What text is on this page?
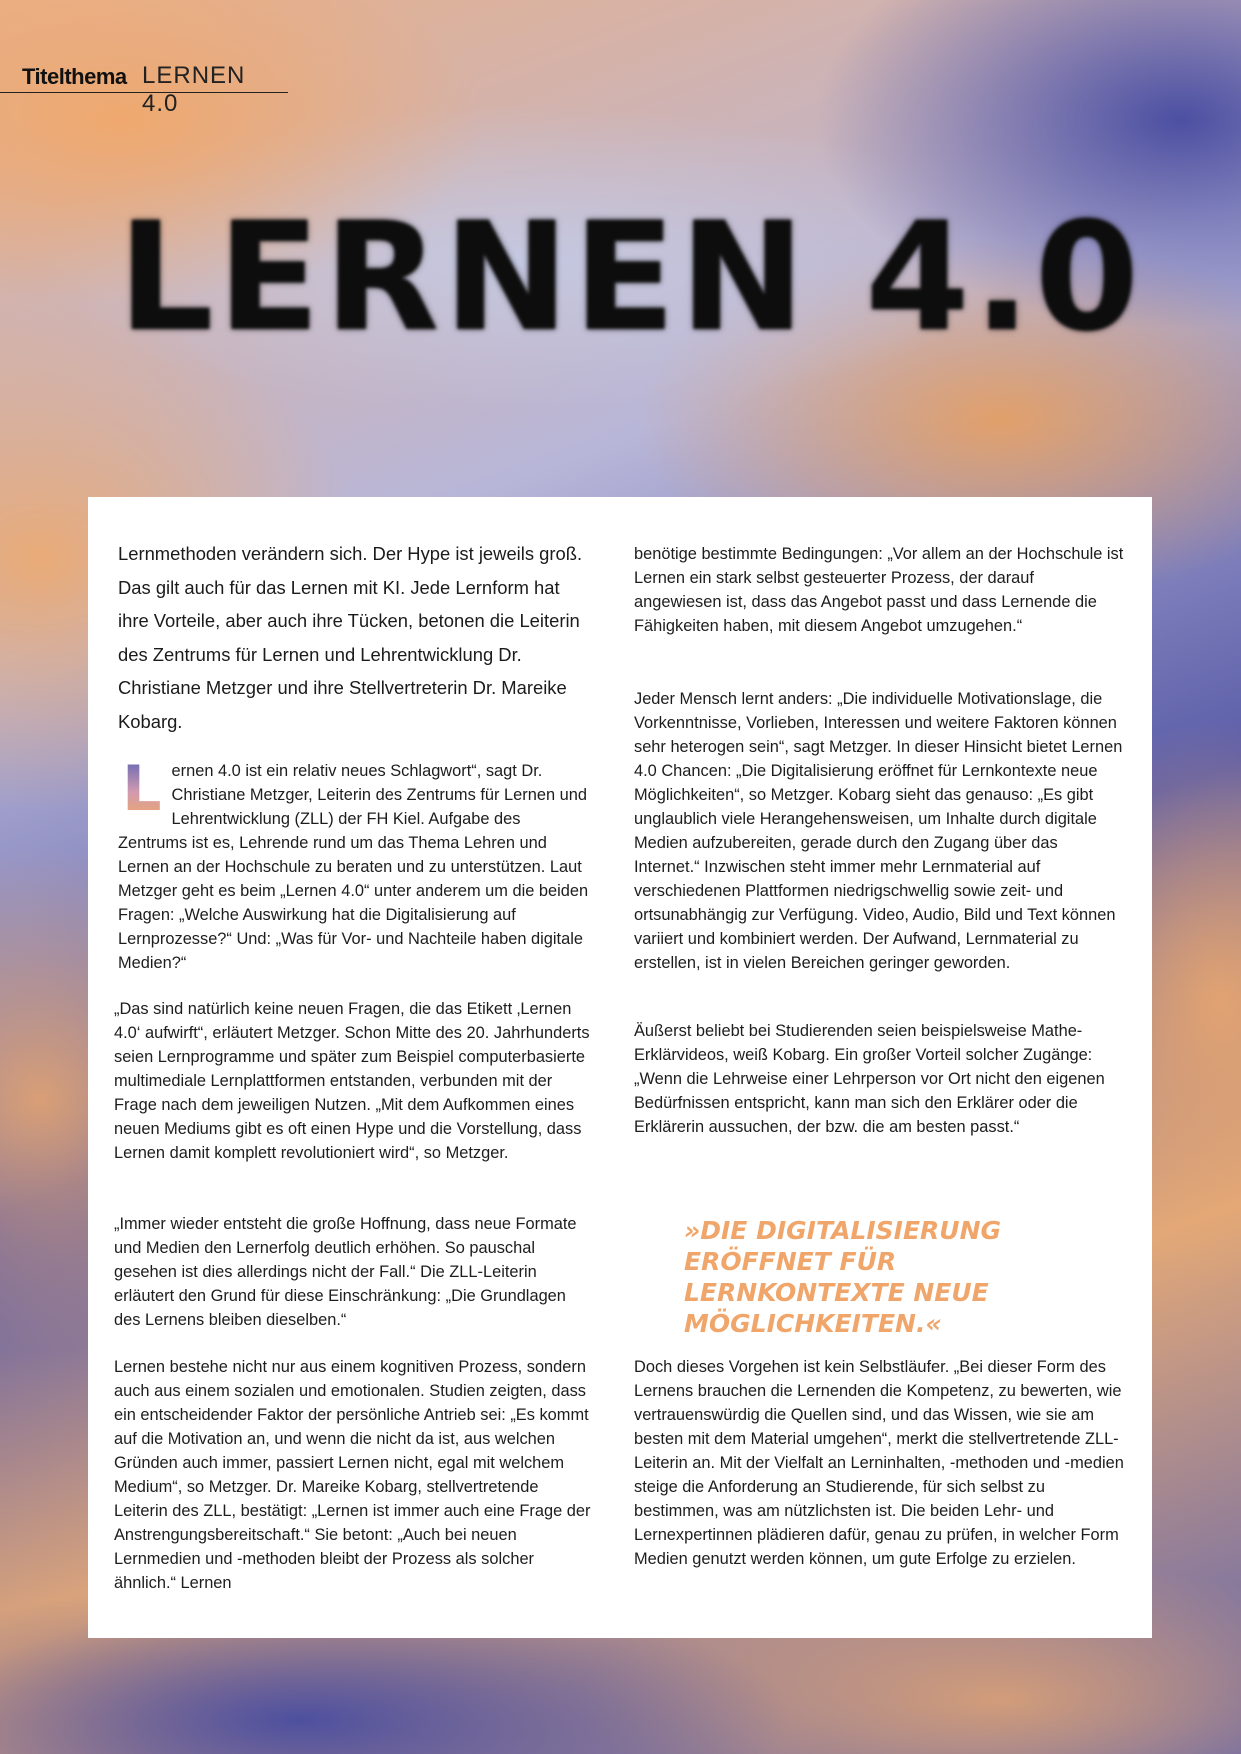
Titelthema LERNEN 4.0
LERNEN 4.0

Lernmethoden verändern sich. Der Hype ist jeweils groß. Das gilt auch für das Lernen mit KI. Jede Lernform hat ihre Vorteile, aber auch ihre Tücken, betonen die Leiterin des Zentrums für Lernen und Lehrentwicklung Dr. Christiane Metzger und ihre Stellvertreterin Dr. Mareike Kobarg.

L ernen 4.0 ist ein relativ neues Schlagwort“, sagt Dr. Christiane Metzger, Leiterin des Zentrums für Lernen und Lehrentwicklung (ZLL) der FH Kiel. Aufgabe des Zentrums ist es, Lehrende rund um das Thema Lehren und Lernen an der Hochschule zu beraten und zu unterstützen. Laut Metzger geht es beim „Lernen 4.0“ unter anderem um die beiden Fragen: „Welche Auswirkung hat die Digitalisierung auf Lernprozesse?“ Und: „Was für Vor- und Nachteile haben digitale Medien?“

„Das sind natürlich keine neuen Fragen, die das Etikett ‚Lernen 4.0‘ aufwirft“, erläutert Metzger. Schon Mitte des 20. Jahrhunderts seien Lernprogramme und später zum Beispiel computerbasierte multimediale Lernplattformen entstanden, verbunden mit der Frage nach dem jeweiligen Nutzen. „Mit dem Aufkommen eines neuen Mediums gibt es oft einen Hype und die Vorstellung, dass Lernen damit komplett revolutioniert wird“, so Metzger.

„Immer wieder entsteht die große Hoffnung, dass neue Formate und Medien den Lernerfolg deutlich erhöhen. So pauschal gesehen ist dies allerdings nicht der Fall.“ Die ZLL-Leiterin erläutert den Grund für diese Einschränkung: „Die Grundlagen des Lernens bleiben dieselben.“

Lernen bestehe nicht nur aus einem kognitiven Prozess, sondern auch aus einem sozialen und emotionalen. Studien zeigten, dass ein entscheidender Faktor der persönliche Antrieb sei: „Es kommt auf die Motivation an, und wenn die nicht da ist, aus welchen Gründen auch immer, passiert Lernen nicht, egal mit welchem Medium“, so Metzger. Dr. Mareike Kobarg, stellvertretende Leiterin des ZLL, bestätigt: „Lernen ist immer auch eine Frage der Anstrengungsbereitschaft.“ Sie betont: „Auch bei neuen Lernmedien und -methoden bleibt der Prozess als solcher ähnlich.“ Lernen

benötige bestimmte Bedingungen: „Vor allem an der Hochschule ist Lernen ein stark selbst gesteuerter Prozess, der darauf angewiesen ist, dass das Angebot passt und dass Lernende die Fähigkeiten haben, mit diesem Angebot umzugehen.“

Jeder Mensch lernt anders: „Die individuelle Motivationslage, die Vorkenntnisse, Vorlieben, Interessen und weitere Faktoren können sehr heterogen sein“, sagt Metzger. In dieser Hinsicht bietet Lernen 4.0 Chancen: „Die Digitalisierung eröffnet für Lernkontexte neue Möglichkeiten“, so Metzger. Kobarg sieht das genauso: „Es gibt unglaublich viele Herangehensweisen, um Inhalte durch digitale Medien aufzubereiten, gerade durch den Zugang über das Internet.“ Inzwischen steht immer mehr Lernmaterial auf verschiedenen Plattformen niedrigschwellig sowie zeit- und ortsunabhängig zur Verfügung. Video, Audio, Bild und Text können variiert und kombiniert werden. Der Aufwand, Lernmaterial zu erstellen, ist in vielen Bereichen geringer geworden.

Äußerst beliebt bei Studierenden seien beispielsweise Mathe-Erklärvideos, weiß Kobarg. Ein großer Vorteil solcher Zugänge: „Wenn die Lehrweise einer Lehrperson vor Ort nicht den eigenen Bedürfnissen entspricht, kann man sich den Erklärer oder die Erklärerin aussuchen, der bzw. die am besten passt.“

»DIE DIGITALISIERUNG ERÖFFNET FÜR LERNKONTEXTE NEUE MÖGLICHKEITEN.«

Doch dieses Vorgehen ist kein Selbstläufer. „Bei dieser Form des Lernens brauchen die Lernenden die Kompetenz, zu bewerten, wie vertrauenswürdig die Quellen sind, und das Wissen, wie sie am besten mit dem Material umgehen“, merkt die stellvertretende ZLL-Leiterin an. Mit der Vielfalt an Lerninhalten, -methoden und -medien steige die Anforderung an Studierende, für sich selbst zu bestimmen, was am nützlichsten ist. Die beiden Lehr- und Lernexpertinnen plädieren dafür, genau zu prüfen, in welcher Form Medien genutzt werden können, um gute Erfolge zu erzielen.
